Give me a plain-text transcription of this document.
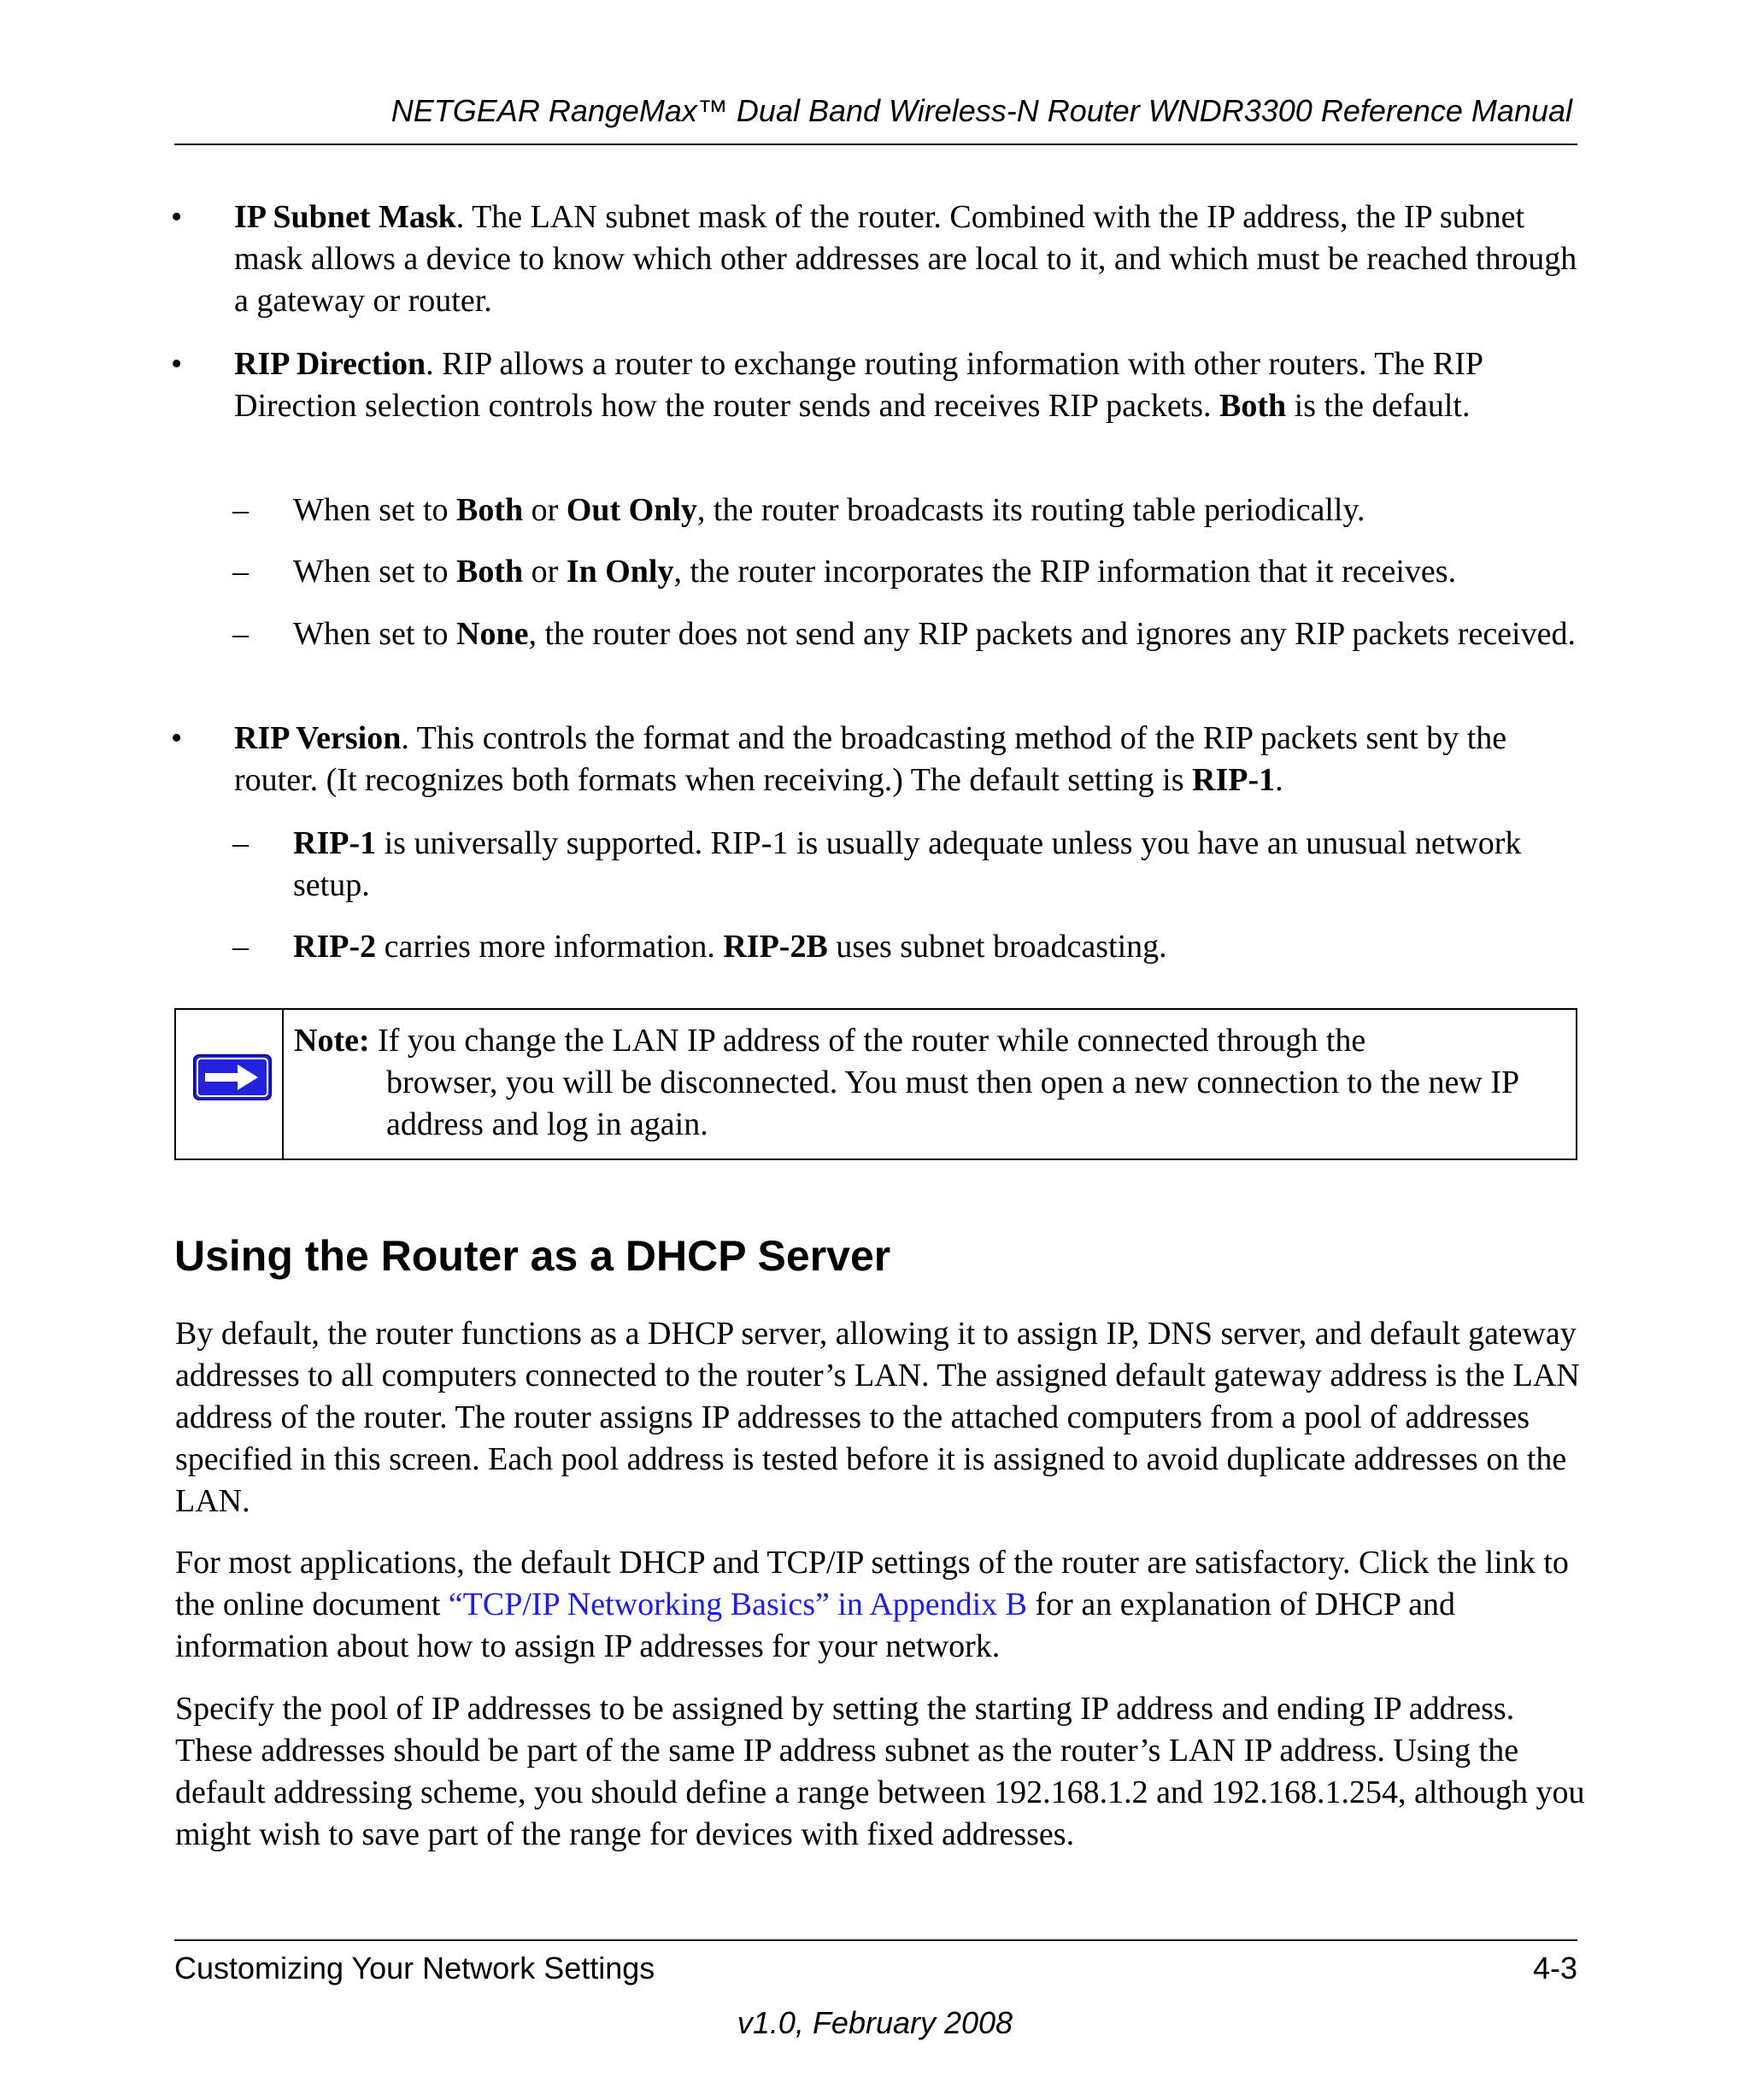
NETGEAR RangeMax™ Dual Band Wireless-N Router WNDR3300 Reference Manual
• IP Subnet Mask. The LAN subnet mask of the router. Combined with the IP address, the IP subnet mask allows a device to know which other addresses are local to it, and which must be reached through a gateway or router.
• RIP Direction. RIP allows a router to exchange routing information with other routers. The RIP Direction selection controls how the router sends and receives RIP packets. Both is the default.
– When set to Both or Out Only, the router broadcasts its routing table periodically.
– When set to Both or In Only, the router incorporates the RIP information that it receives.
– When set to None, the router does not send any RIP packets and ignores any RIP packets received.
• RIP Version. This controls the format and the broadcasting method of the RIP packets sent by the router. (It recognizes both formats when receiving.) The default setting is RIP-1.
– RIP-1 is universally supported. RIP-1 is usually adequate unless you have an unusual network setup.
– RIP-2 carries more information. RIP-2B uses subnet broadcasting.
Note: If you change the LAN IP address of the router while connected through the
browser, you will be disconnected. You must then open a new connection to the new IP address and log in again.
Using the Router as a DHCP Server
By default, the router functions as a DHCP server, allowing it to assign IP, DNS server, and default gateway addresses to all computers connected to the router’s LAN. The assigned default gateway address is the LAN address of the router. The router assigns IP addresses to the attached computers from a pool of addresses specified in this screen. Each pool address is tested before it is assigned to avoid duplicate addresses on the LAN.
For most applications, the default DHCP and TCP/IP settings of the router are satisfactory. Click the link to the online document “TCP/IP Networking Basics” in Appendix B for an explanation of DHCP and information about how to assign IP addresses for your network.
Specify the pool of IP addresses to be assigned by setting the starting IP address and ending IP address. These addresses should be part of the same IP address subnet as the router’s LAN IP address. Using the default addressing scheme, you should define a range between 192.168.1.2 and 192.168.1.254, although you might wish to save part of the range for devices with fixed addresses.
Customizing Your Network Settings	4-3
v1.0, February 2008
